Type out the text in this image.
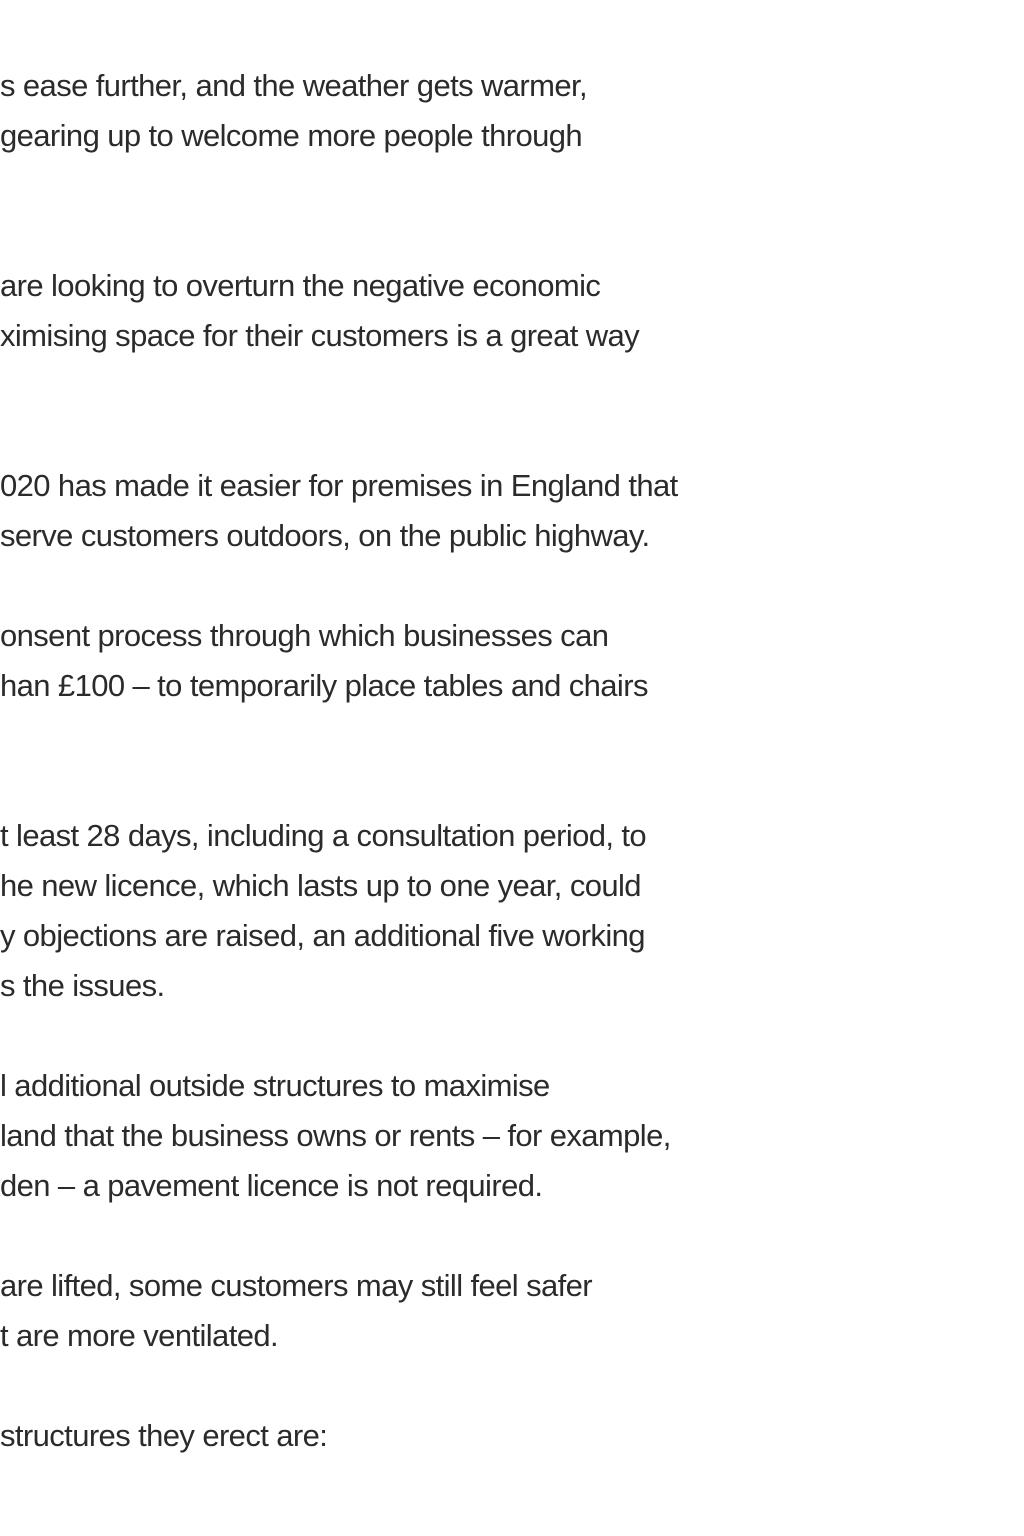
s ease further, and the weather gets warmer,
gearing up to welcome more people through
are looking to overturn the negative economic
ximising space for their customers is a great way
020 has made it easier for premises in England that
serve customers outdoors, on the public highway.
onsent process through which businesses can
han £100 – to temporarily place tables and chairs
t least 28 days, including a consultation period, to
he new licence, which lasts up to one year, could
y objections are raised, an additional five working
s the issues.
l additional outside structures to maximise
land that the business owns or rents – for example,
den – a pavement licence is not required.
are lifted, some customers may still feel safer
t are more ventilated.
structures they erect are:
